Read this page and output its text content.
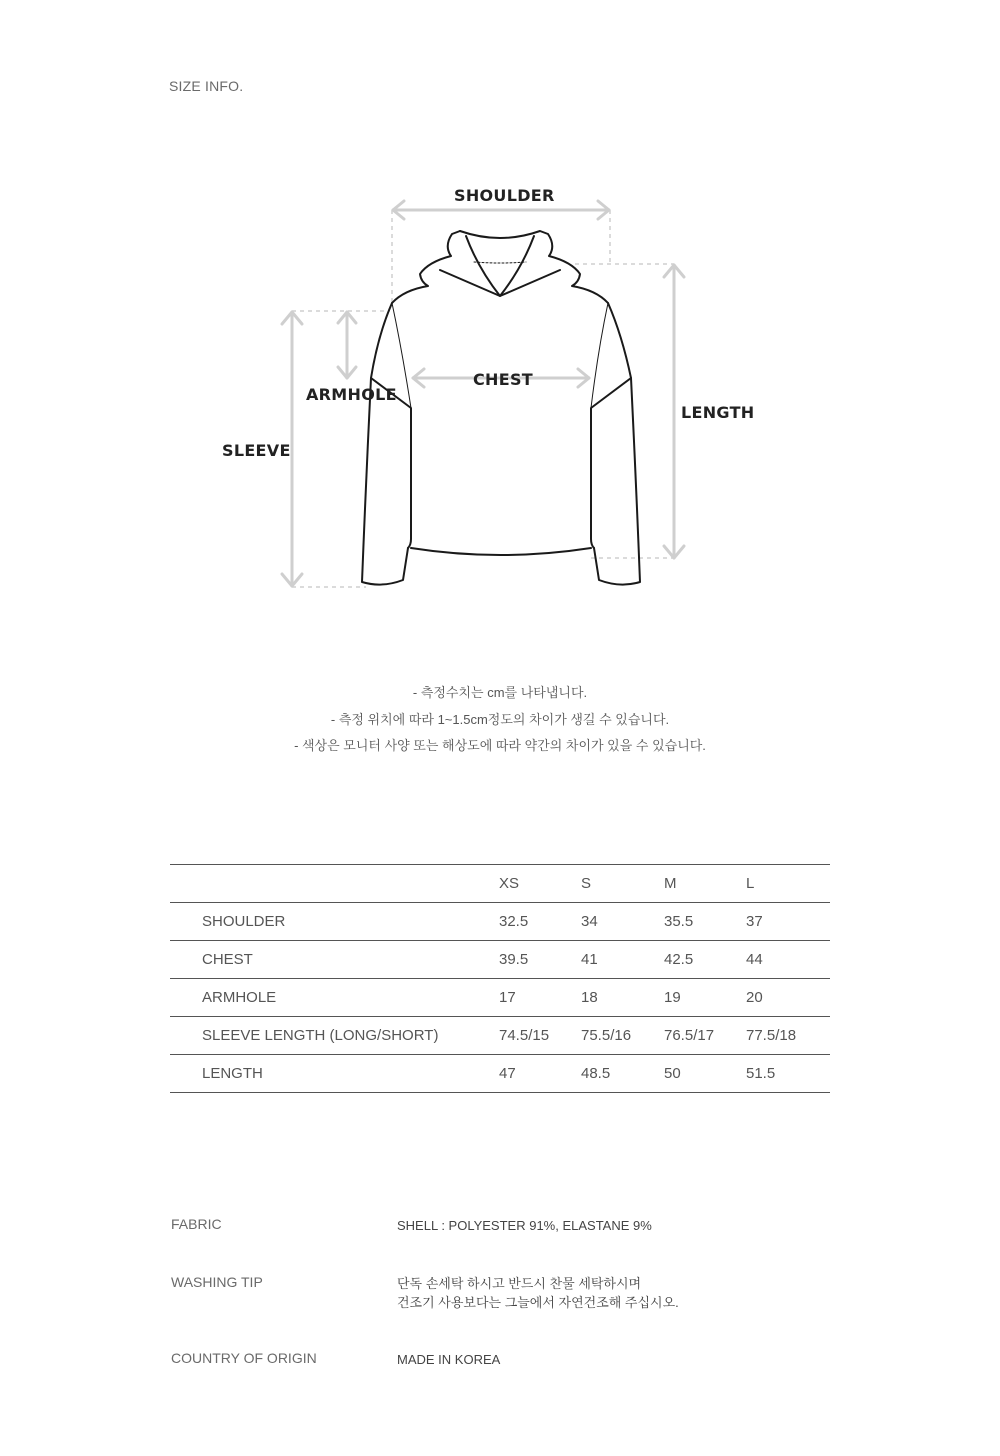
SIZE INFO.
SHOULDER
CHEST
ARMHOLE
SLEEVE
LENGTH
- 측정수치는 cm를 나타냅니다.
- 측정 위치에 따라 1~1.5cm정도의 차이가 생길 수 있습니다.
- 색상은 모니터 사양 또는 해상도에 따라 약간의 차이가 있을 수 있습니다.
	XS	S	M	L
SHOULDER	32.5	34	35.5	37
CHEST	39.5	41	42.5	44
ARMHOLE	17	18	19	20
SLEEVE LENGTH (LONG/SHORT)	74.5/15	75.5/16	76.5/17	77.5/18
LENGTH	47	48.5	50	51.5
FABRIC	SHELL : POLYESTER 91%, ELASTANE 9%
WASHING TIP	단독 손세탁 하시고 반드시 찬물 세탁하시며
건조기 사용보다는 그늘에서 자연건조해 주십시오.
COUNTRY OF ORIGIN	MADE IN KOREA
